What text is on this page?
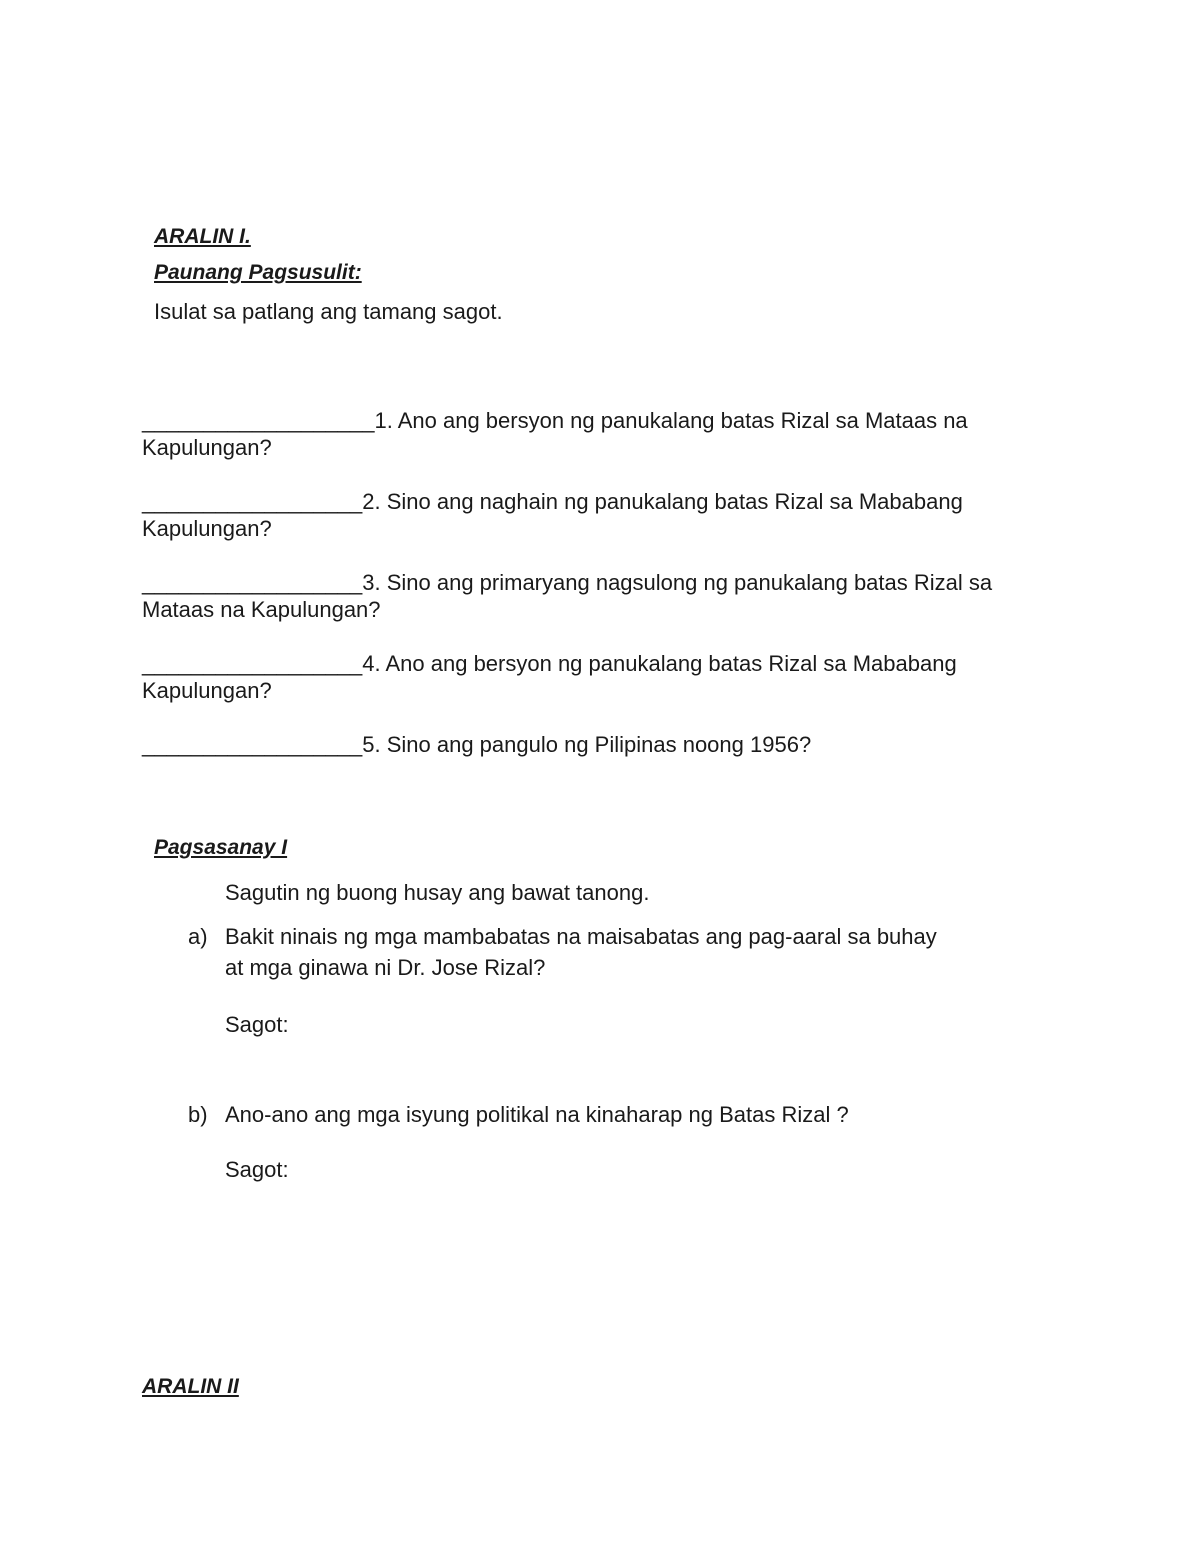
ARALIN I.
Paunang Pagsusulit:
Isulat sa patlang ang tamang sagot.
___________________1. Ano ang bersyon ng panukalang batas Rizal sa Mataas na
Kapulungan?
__________________2. Sino ang naghain ng panukalang batas Rizal sa Mababang
Kapulungan?
__________________3. Sino ang primaryang nagsulong ng panukalang batas Rizal sa
Mataas na Kapulungan?
__________________4. Ano ang bersyon ng panukalang batas Rizal sa Mababang
Kapulungan?
__________________5. Sino ang pangulo ng Pilipinas noong 1956?
Pagsasanay I
Sagutin ng buong husay ang bawat tanong.
a) Bakit ninais ng mga mambabatas na maisabatas ang pag-aaral sa buhay
at mga ginawa ni Dr. Jose Rizal?
Sagot:
b) Ano-ano ang mga isyung politikal na kinaharap ng Batas Rizal ?
Sagot:
ARALIN II
